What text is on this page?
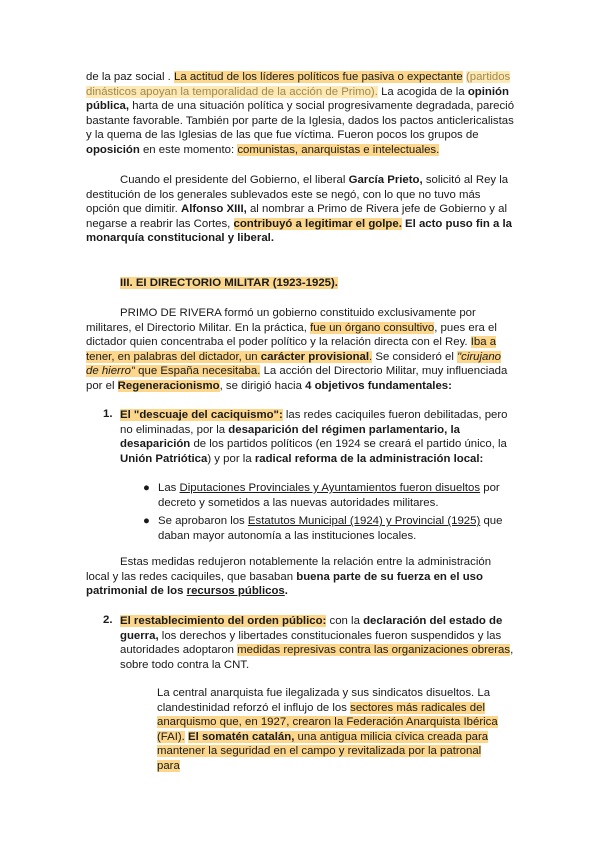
de la paz social . La actitud de los líderes políticos fue pasiva o expectante (partidos dinásticos apoyan la temporalidad de la acción de Primo). La acogida de la opinión pública, harta de una situación política y social progresivamente degradada, pareció bastante favorable. También por parte de la Iglesia, dados los pactos anticlericalistas y la quema de las Iglesias de las que fue víctima. Fueron pocos los grupos de oposición en este momento: comunistas, anarquistas e intelectuales.

Cuando el presidente del Gobierno, el liberal García Prieto, solicitó al Rey la destitución de los generales sublevados este se negó, con lo que no tuvo más opción que dimitir. Alfonso XIII, al nombrar a Primo de Rivera jefe de Gobierno y al negarse a reabrir las Cortes, contribuyó a legitimar el golpe. El acto puso fin a la monarquía constitucional y liberal.

III. EI DIRECTORIO MILITAR (1923-1925).

PRIMO DE RIVERA formó un gobierno constituido exclusivamente por militares, el Directorio Militar. En la práctica, fue un órgano consultivo, pues era el dictador quien concentraba el poder político y la relación directa con el Rey. Iba a tener, en palabras del dictador, un carácter provisional. Se consideró el "cirujano de hierro" que España necesitaba. La acción del Directorio Militar, muy influenciada por el Regeneracionismo, se dirigió hacia 4 objetivos fundamentales:

1. El "descuaje del caciquismo": las redes caciquiles fueron debilitadas, pero no eliminadas, por la desaparición del régimen parlamentario, la desaparición de los partidos políticos (en 1924 se creará el partido único, la Unión Patriótica) y por la radical reforma de la administración local:

● Las Diputaciones Provinciales y Ayuntamientos fueron disueltos por decreto y sometidos a las nuevas autoridades militares.

● Se aprobaron los Estatutos Municipal (1924) y Provincial (1925) que daban mayor autonomía a las instituciones locales.

Estas medidas redujeron notablemente la relación entre la administración local y las redes caciquiles, que basaban buena parte de su fuerza en el uso patrimonial de los recursos públicos.

2. El restablecimiento del orden público: con la declaración del estado de guerra, los derechos y libertades constitucionales fueron suspendidos y las autoridades adoptaron medidas represivas contra las organizaciones obreras, sobre todo contra la CNT.

La central anarquista fue ilegalizada y sus sindicatos disueltos. La clandestinidad reforzó el influjo de los sectores más radicales del anarquismo que, en 1927, crearon la Federación Anarquista Ibérica (FAI). El somatén catalán, una antigua milicia cívica creada para mantener la seguridad en el campo y revitalizada por la patronal para
